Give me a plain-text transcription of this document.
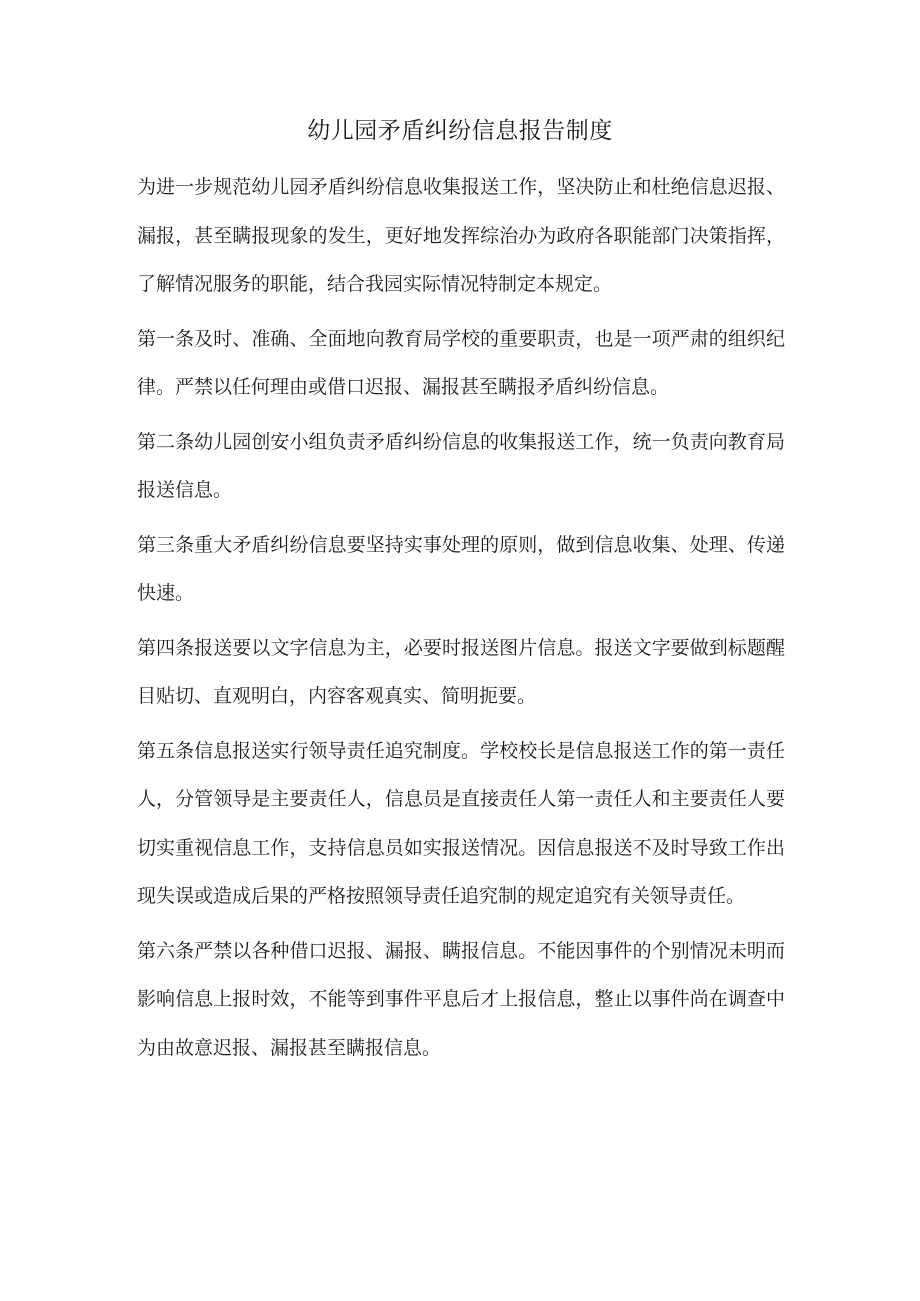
幼儿园矛盾纠纷信息报告制度

为进一步规范幼儿园矛盾纠纷信息收集报送工作，坚决防止和杜绝信息迟报、漏报，甚至瞒报现象的发生，更好地发挥综治办为政府各职能部门决策指挥，了解情况服务的职能，结合我园实际情况特制定本规定。

第一条及时、准确、全面地向教育局学校的重要职责，也是一项严肃的组织纪律。严禁以任何理由或借口迟报、漏报甚至瞒报矛盾纠纷信息。

第二条幼儿园创安小组负责矛盾纠纷信息的收集报送工作，统一负责向教育局报送信息。

第三条重大矛盾纠纷信息要坚持实事处理的原则，做到信息收集、处理、传递快速。

第四条报送要以文字信息为主，必要时报送图片信息。报送文字要做到标题醒目贴切、直观明白，内容客观真实、简明扼要。

第五条信息报送实行领导责任追究制度。学校校长是信息报送工作的第一责任人，分管领导是主要责任人，信息员是直接责任人第一责任人和主要责任人要切实重视信息工作，支持信息员如实报送情况。因信息报送不及时导致工作出现失误或造成后果的严格按照领导责任追究制的规定追究有关领导责任。

第六条严禁以各种借口迟报、漏报、瞒报信息。不能因事件的个别情况未明而影响信息上报时效，不能等到事件平息后才上报信息，整止以事件尚在调查中为由故意迟报、漏报甚至瞒报信息。
